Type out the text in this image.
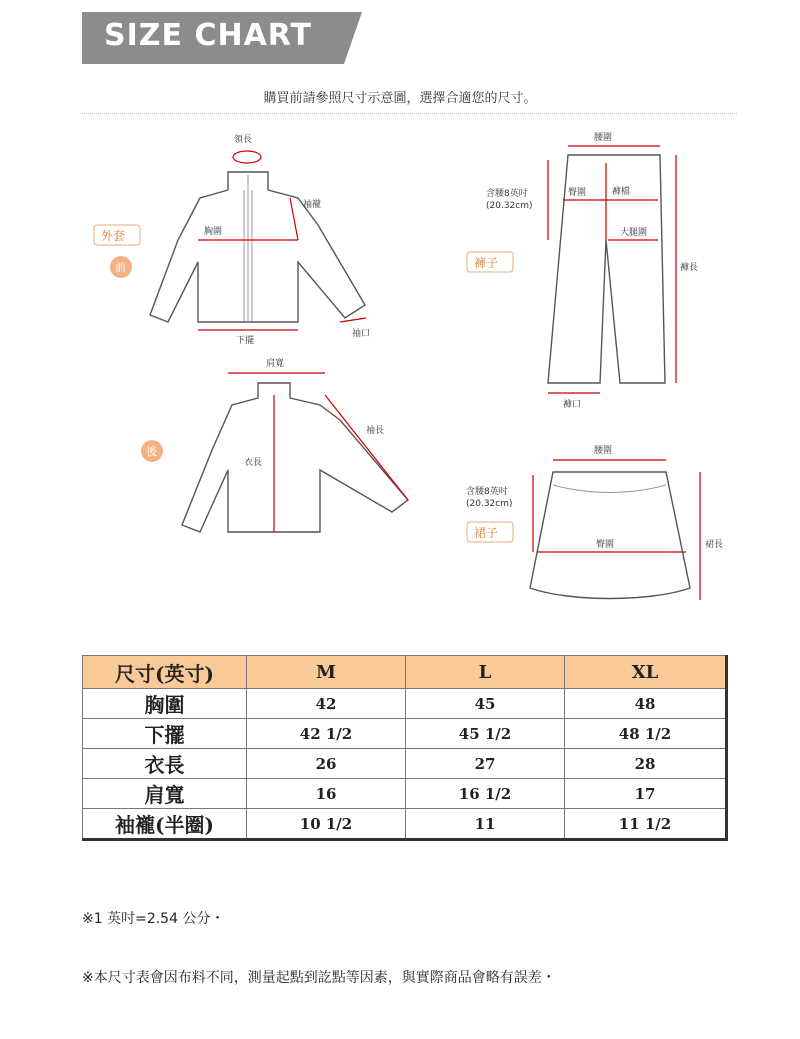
SIZE CHART
購買前請參照尺寸示意圖，選擇合適您的尺寸。
領長
袖襱
胸圍
下擺
袖口
外套
前
肩寬
袖長
衣長
後
腰圍
臀圍	褲檔
大腿圍
褲長
褲口
含腰8英吋
(20.32cm)
褲子
腰圍
臀圍	裙長
含腰8英吋
(20.32cm)
裙子
尺寸(英寸)	M	L	XL
胸圍	42	45	48
下擺	42 1/2	45 1/2	48 1/2
衣長	26	27	28
肩寬	16	16 1/2	17
袖襱(半圈)	10 1/2	11	11 1/2
※1 英吋=2.54 公分・
※本尺寸表會因布料不同，測量起點到訖點等因素，與實際商品會略有誤差・
